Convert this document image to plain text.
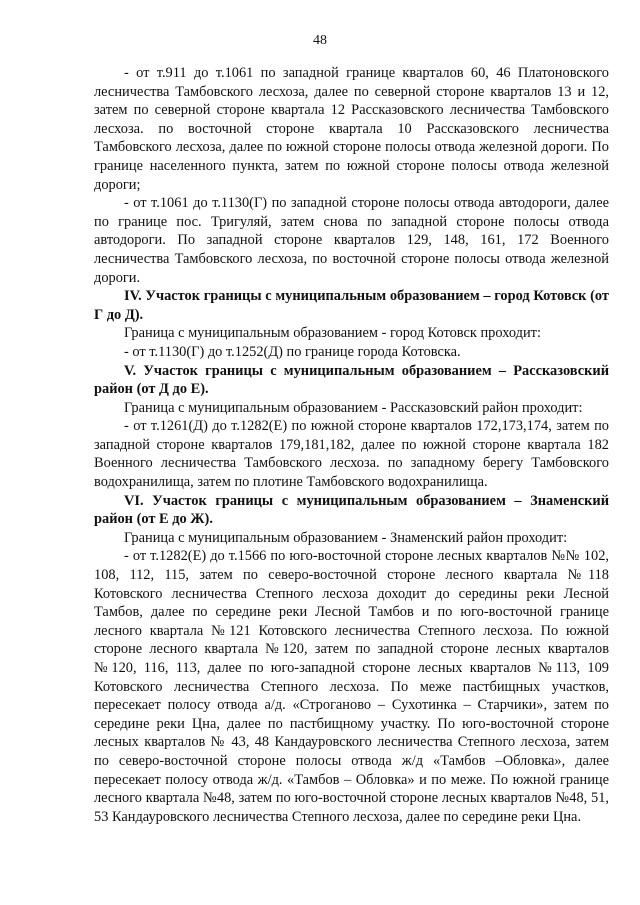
48

- от т.911 до т.1061 по западной границе кварталов 60, 46 Платоновского лесничества Тамбовского лесхоза, далее по северной стороне кварталов 13 и 12, затем по северной стороне квартала 12 Рассказовского лесничества Тамбовского лесхоза. по восточной стороне квартала 10 Рассказовского лесничества Тамбовского лесхоза, далее по южной стороне полосы отвода железной дороги. По границе населенного пункта, затем по южной стороне полосы отвода железной дороги;

- от т.1061 до т.1130(Г) по западной стороне полосы отвода автодороги, далее по границе пос. Тригуляй, затем снова по западной стороне полосы отвода автодороги. По западной стороне кварталов 129, 148, 161, 172 Военного лесничества Тамбовского лесхоза, по восточной стороне полосы отвода железной дороги.

IV. Участок границы с муниципальным образованием – город Котовск (от Г до Д).

Граница с муниципальным образованием - город Котовск проходит:

- от т.1130(Г) до т.1252(Д) по границе города Котовска.

V. Участок границы с муниципальным образованием – Рассказовский район (от Д до Е).

Граница с муниципальным образованием - Рассказовский район проходит:

- от т.1261(Д) до т.1282(Е) по южной стороне кварталов 172,173,174, затем по западной стороне кварталов 179,181,182, далее по южной стороне квартала 182 Военного лесничества Тамбовского лесхоза. по западному берегу Тамбовского водохранилища, затем по плотине Тамбовского водохранилища.

VI. Участок границы с муниципальным образованием – Знаменский район (от Е до Ж).

Граница с муниципальным образованием - Знаменский район проходит:

- от т.1282(Е) до т.1566 по юго-восточной стороне лесных кварталов №№ 102, 108, 112, 115, затем по северо-восточной стороне лесного квартала №118 Котовского лесничества Степного лесхоза доходит до середины реки Лесной Тамбов, далее по середине реки Лесной Тамбов и по юго-восточной границе лесного квартала №121 Котовского лесничества Степного лесхоза. По южной стороне лесного квартала №120, затем по западной стороне лесных кварталов №120, 116, 113, далее по юго-западной стороне лесных кварталов №113, 109 Котовского лесничества Степного лесхоза. По меже пастбищных участков, пересекает полосу отвода а/д. «Строганово – Сухотинка – Старчики», затем по середине реки Цна, далее по пастбищному участку. По юго-восточной стороне лесных кварталов № 43, 48 Кандауровского лесничества Степного лесхоза, затем по северо-восточной стороне полосы отвода ж/д «Тамбов –Обловка», далее пересекает полосу отвода ж/д. «Тамбов – Обловка» и по меже. По южной границе лесного квартала №48, затем по юго-восточной стороне лесных кварталов №48, 51, 53 Кандауровского лесничества Степного лесхоза, далее по середине реки Цна.
